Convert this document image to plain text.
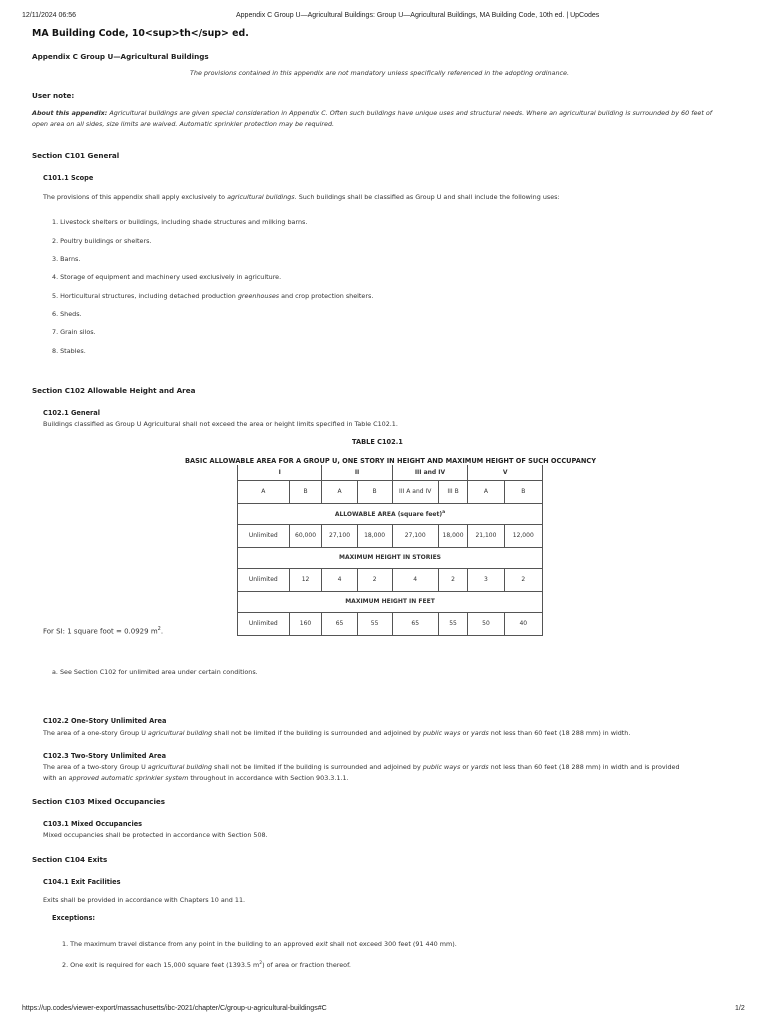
12/11/2024 06:56	Appendix C Group U—Agricultural Buildings: Group U—Agricultural Buildings, MA Building Code, 10th ed. | UpCodes
MA Building Code, 10<sup>th</sup> ed.
Appendix C Group U—Agricultural Buildings
The provisions contained in this appendix are not mandatory unless specifically referenced in the adopting ordinance.
User note:
About this appendix: Agricultural buildings are given special consideration in Appendix C. Often such buildings have unique uses and structural needs. Where an agricultural building is surrounded by 60 feet of
open area on all sides, size limits are waived. Automatic sprinkler protection may be required.
Section C101 General
C101.1 Scope
The provisions of this appendix shall apply exclusively to agricultural buildings. Such buildings shall be classified as Group U and shall include the following uses:
1. Livestock shelters or buildings, including shade structures and milking barns.
2. Poultry buildings or shelters.
3. Barns.
4. Storage of equipment and machinery used exclusively in agriculture.
5. Horticultural structures, including detached production greenhouses and crop protection shelters.
6. Sheds.
7. Grain silos.
8. Stables.
Section C102 Allowable Height and Area
C102.1 General
Buildings classified as Group U Agricultural shall not exceed the area or height limits specified in Table C102.1.
TABLE C102.1
BASIC ALLOWABLE AREA FOR A GROUP U, ONE STORY IN HEIGHT AND MAXIMUM HEIGHT OF SUCH OCCUPANCY
I		II		III and IV		V	
A	B	A	B	III A and IV	III B	A	B
ALLOWABLE AREA (square feet)$^a$
Unlimited	60,000	27,100	18,000	27,100	18,000	21,100	12,000
MAXIMUM HEIGHT IN STORIES							
Unlimited	12	4	2	4	2	3	2
MAXIMUM HEIGHT IN FEET							
Unlimited	160	65	55	65	55	50	40
For SI: 1 square foot = 0.0929 $m^2$.
a. See Section C102 for unlimited area under certain conditions.
C102.2 One-Story Unlimited Area
The area of a one-story Group U agricultural building shall not be limited if the building is surrounded and adjoined by public ways or yards not less than 60 feet (18 288 mm) in width.
C102.3 Two-Story Unlimited Area
The area of a two-story Group U agricultural building shall not be limited if the building is surrounded and adjoined by public ways or yards not less than 60 feet (18 288 mm) in width and is provided
with an approved automatic sprinkler system throughout in accordance with Section 903.3.1.1.
Section C103 Mixed Occupancies
C103.1 Mixed Occupancies
Mixed occupancies shall be protected in accordance with Section 508.
Section C104 Exits
C104.1 Exit Facilities
Exits shall be provided in accordance with Chapters 10 and 11.
Exceptions:
1. The maximum travel distance from any point in the building to an approved exit shall not exceed 300 feet (91 440 mm).
2. One exit is required for each 15,000 square feet (1393.5 $m^2$) of area or fraction thereof.
https://up.codes/viewer-export/massachusetts/ibc-2021/chapter/C/group-u-agricultural-buildings#C	1/2
